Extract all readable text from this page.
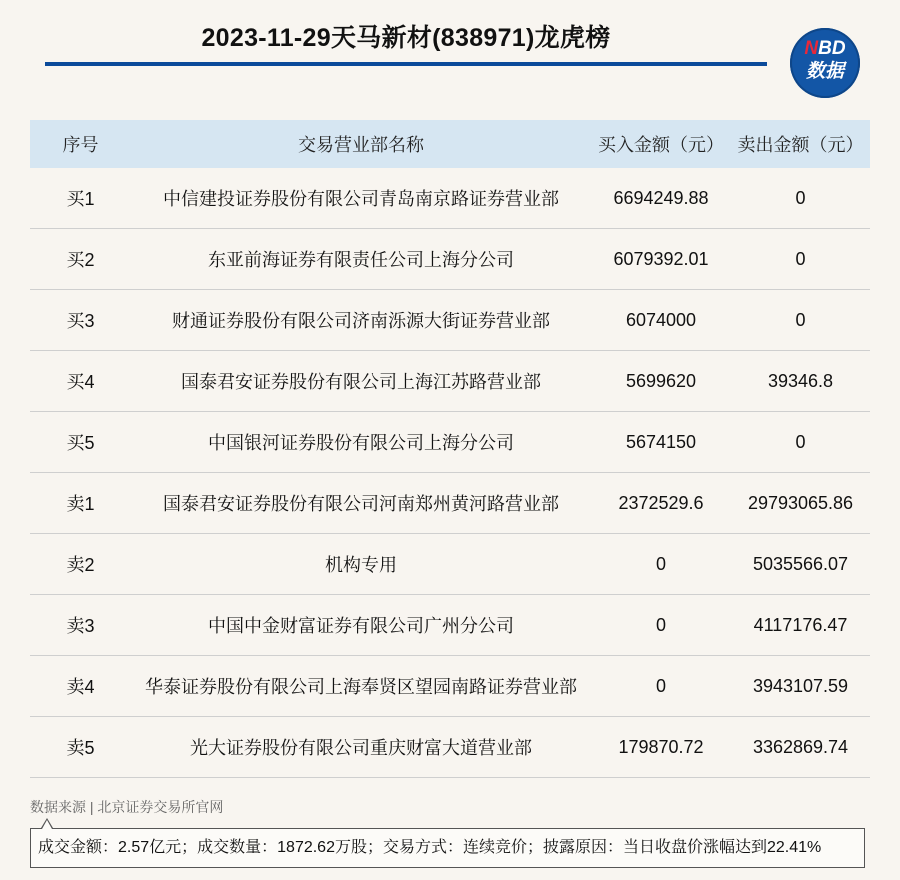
2023-11-29天马新材(838971)龙虎榜	NBD
数据
序号	交易营业部名称	买入金额（元） 卖出金额（元）
买1	中信建投证券股份有限公司青岛南京路证券营业部	6694249.88	0
买2	东亚前海证券有限责任公司上海分公司	6079392.01	0
买3	财通证券股份有限公司济南泺源大街证券营业部	6074000	0
买4	国泰君安证券股份有限公司上海江苏路营业部	5699620	39346.8
买5	中国银河证券股份有限公司上海分公司	5674150	0
卖1	国泰君安证券股份有限公司河南郑州黄河路营业部	2372529.6	29793065.86
卖2	机构专用	0	5035566.07
卖3	中国中金财富证券有限公司广州分公司	0	4117176.47
卖4	华泰证券股份有限公司上海奉贤区望园南路证券营业部	0	3943107.59
卖5	光大证券股份有限公司重庆财富大道营业部	179870.72	3362869.74
数据来源 | 北京证券交易所官网
成交金额：2.57亿元；成交数量：1872.62万股；交易方式：连续竞价；披露原因：当日收盘价涨幅达到22.41%
